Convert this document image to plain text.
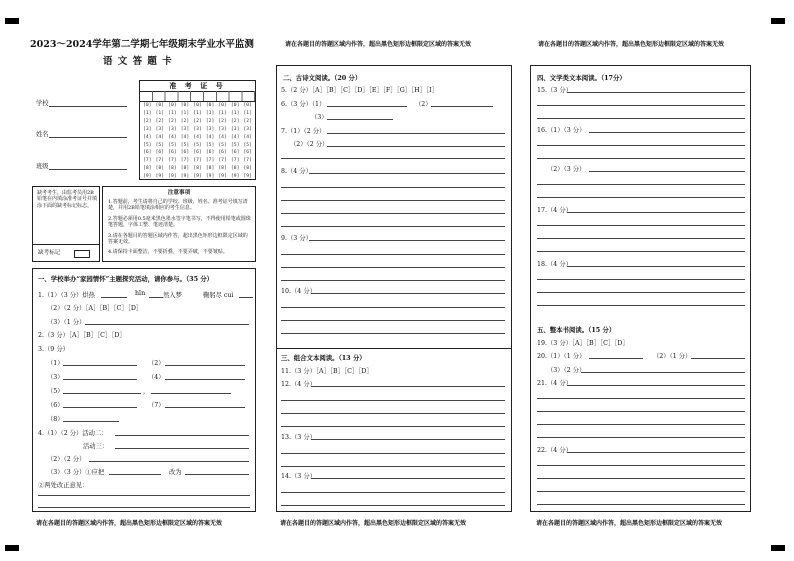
2023～2024学年第二学期七年级期末学业水平监测
语 文 答 题 卡
学校
姓名
班级
准 考 证 号
[0] [0] [0] [0] [0] [0] [0] [0] [0]
[1] [1] [1] [1] [1] [1] [1] [1] [1]
[2] [2] [2] [2] [2] [2] [2] [2] [2]
[3] [3] [3] [3] [3] [3] [3] [3] [3]
[4] [4] [4] [4] [4] [4] [4] [4] [4]
[5] [5] [5] [5] [5] [5] [5] [5] [5]
[6] [6] [6] [6] [6] [6] [6] [6] [6]
[7] [7] [7] [7] [7] [7] [7] [7] [7]
[8] [8] [8] [8] [8] [8] [8] [8] [8]
[9] [9] [9] [9] [9] [9] [9] [9] [9]
缺考考生，由监考员用2B铅笔在内填涂准考证号并填涂下面的缺考标记标志。
缺考标记
注意事项
1.答题前，考生请将自己的学校、班级、姓名、准考证号填写清楚，并用2B铅笔填涂相应的考生信息。
2.答题必须用0.5毫米黑色墨水签字笔书写，不得使用铅笔或圆珠笔答题，字体工整、笔迹清楚。
3.请在各题目的答题区域内作答，超出黑色矩形边框限定区域的答案无效。
4.请保持卡面整洁，不要折叠，不要弄破，不要皱贴。
一、学校举办“家园情怀”主题探究活动，请你参与。（35 分）
1.（1）（3 分）烘热	hīn	然入梦	鞠躬尽 cuì
（2）（2 分）［A］［B］［C］［D］
（3）（1 分）
2.（3 分）［A］［B］［C］［D］
3.（9 分）
（1）	（2）
（3）	（4）
（5）	，
（6）	（7）
（8）
4.（1）（2 分）活动二：
活动三：
（2）（2 分）
（3）（3 分）①应把	改为
②两处改正意见：
请在各题目的答题区域内作答，超出黑色矩形边框限定区域的答案无效
请在各题目的答题区域内作答，超出黑色矩形边框限定区域的答案无效
二、古诗文阅读。（20 分）
5.（2 分）［A］［B］［C］［D］［E］［F］［G］［H］［I］
6.（3 分）（1）	（2）
（3）
7.（1）（2 分）
（2）（2 分）
8.（4 分）
9.（3 分）
10.（4 分）
三、组合文本阅读。（13 分）
11.（3 分）［A］［B］［C］［D］
12.（4 分）
13.（3 分）
14.（3 分）
请在各题目的答题区域内作答，超出黑色矩形边框限定区域的答案无效
请在各题目的答题区域内作答，超出黑色矩形边框限定区域的答案无效
四、文学类文本阅读。（17分）
15.（3 分）
16.（1）（3 分）
（2）（3 分）
17.（4 分）
18.（4 分）
五、整本书阅读。（15 分）
19.（3 分）［A］［B］［C］［D］
20.（1）（1 分）	（2）（1 分）
（3）（2 分）
21.（4 分）
22.（4 分）
请在各题目的答题区域内作答，超出黑色矩形边框限定区域的答案无效
